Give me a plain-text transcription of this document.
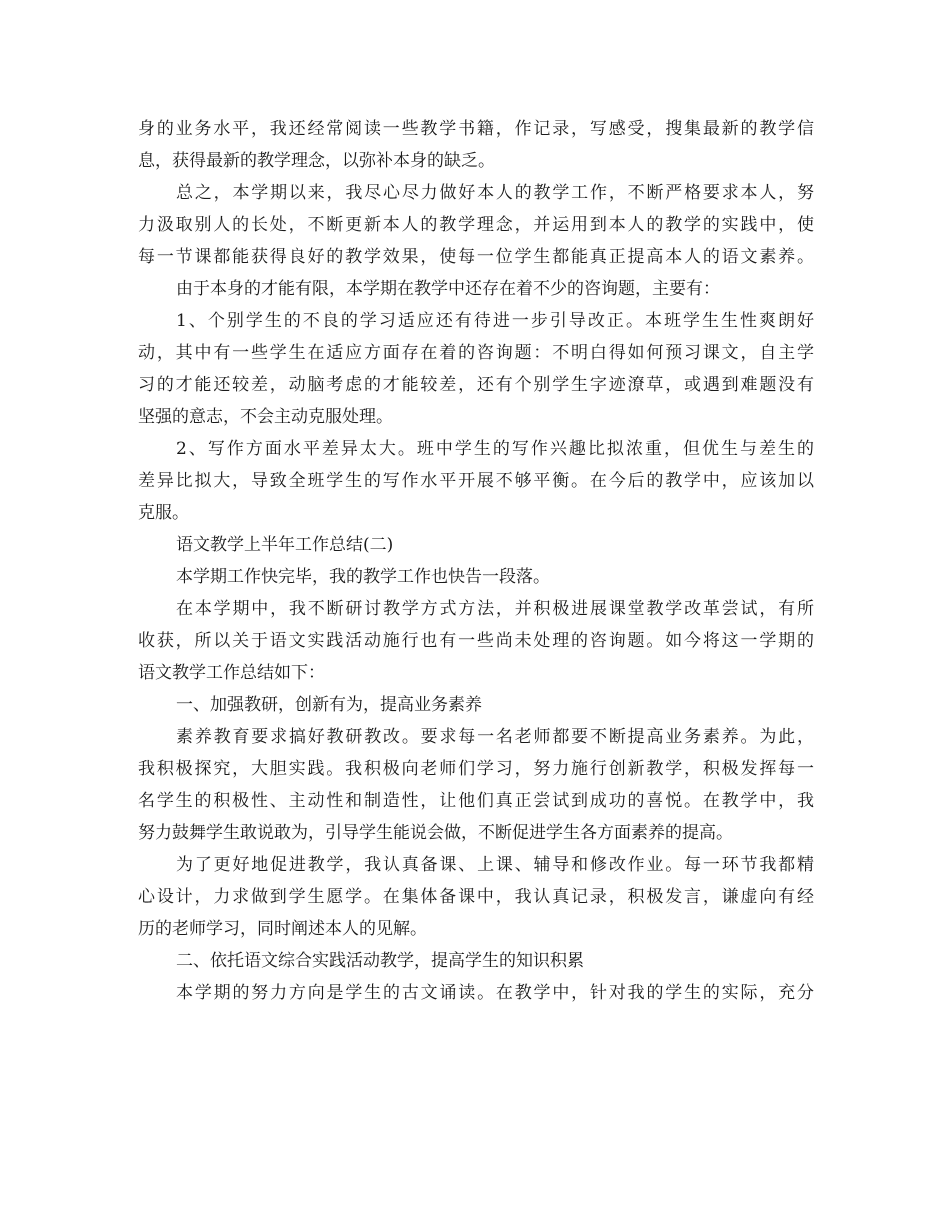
身的业务水平，我还经常阅读一些教学书籍，作记录，写感受，搜集最新的教学信
息，获得最新的教学理念，以弥补本身的缺乏。
总之，本学期以来，我尽心尽力做好本人的教学工作，不断严格要求本人，努
力汲取别人的长处，不断更新本人的教学理念，并运用到本人的教学的实践中，使
每一节课都能获得良好的教学效果，使每一位学生都能真正提高本人的语文素养。
由于本身的才能有限，本学期在教学中还存在着不少的咨询题，主要有：
1、个别学生的不良的学习适应还有待进一步引导改正。本班学生生性爽朗好
动，其中有一些学生在适应方面存在着的咨询题：不明白得如何预习课文，自主学
习的才能还较差，动脑考虑的才能较差，还有个别学生字迹潦草，或遇到难题没有
坚强的意志，不会主动克服处理。
2、写作方面水平差异太大。班中学生的写作兴趣比拟浓重，但优生与差生的
差异比拟大，导致全班学生的写作水平开展不够平衡。在今后的教学中，应该加以
克服。
语文教学上半年工作总结(二)
本学期工作快完毕，我的教学工作也快告一段落。
在本学期中，我不断研讨教学方式方法，并积极进展课堂教学改革尝试，有所
收获，所以关于语文实践活动施行也有一些尚未处理的咨询题。如今将这一学期的
语文教学工作总结如下：
一、加强教研，创新有为，提高业务素养
素养教育要求搞好教研教改。要求每一名老师都要不断提高业务素养。为此，
我积极探究，大胆实践。我积极向老师们学习，努力施行创新教学，积极发挥每一
名学生的积极性、主动性和制造性，让他们真正尝试到成功的喜悦。在教学中，我
努力鼓舞学生敢说敢为，引导学生能说会做，不断促进学生各方面素养的提高。
为了更好地促进教学，我认真备课、上课、辅导和修改作业。每一环节我都精
心设计，力求做到学生愿学。在集体备课中，我认真记录，积极发言，谦虚向有经
历的老师学习，同时阐述本人的见解。
二、依托语文综合实践活动教学，提高学生的知识积累
本学期的努力方向是学生的古文诵读。在教学中，针对我的学生的实际，充分
